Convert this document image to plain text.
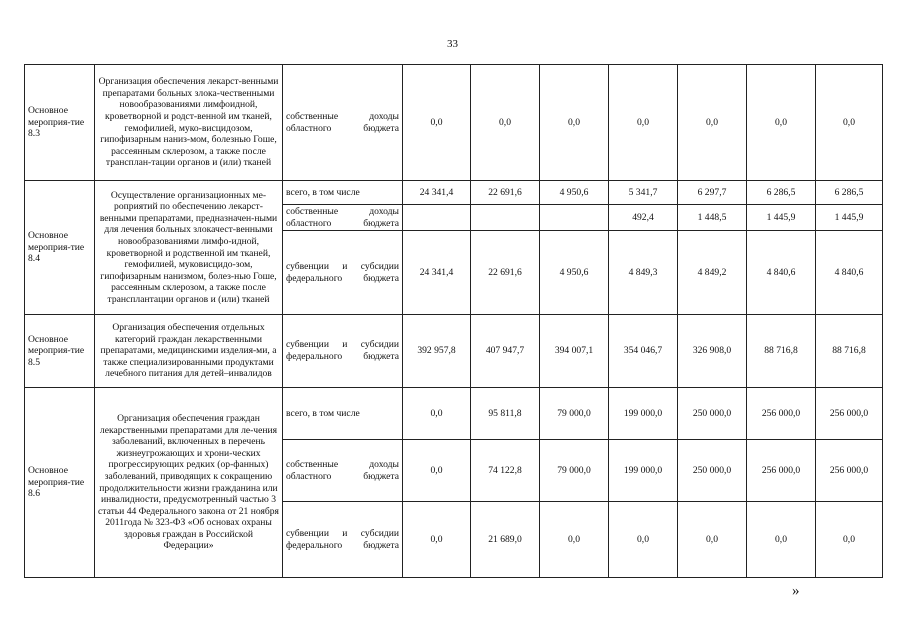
33
Основное мероприя-тие 8.3	Организация обеспечения лекарст-венными препаратами больных злока-чественными новообразованиями лимфоидной, кроветворной и родст-венной им тканей, гемофилией, муко-висцидозом, гипофизарным наниз-мом, болезнью Гоше, рассеянным склерозом, а также после трансплан-тации органов и (или) тканей	собственные доходы областного бюджета	0,0	0,0	0,0	0,0	0,0	0,0	0,0
Основное мероприя-тие 8.4	Осуществление организационных ме-роприятий по обеспечению лекарст-венными препаратами, предназначен-ными для лечения больных злокачест-венными новообразованиями лимфо-идной, кроветворной и родственной им тканей, гемофилией, муковисцидо-зом, гипофизарным нанизмом, болез-нью Гоше, рассеянным склерозом, а также после трансплантации органов и (или) тканей	всего, в том числе	24 341,4	22 691,6	4 950,6	5 341,7	6 297,7	6 286,5	6 286,5
		собственные доходы областного бюджета				492,4	1 448,5	1 445,9	1 445,9
		субвенции и субсидии федерального бюджета	24 341,4	22 691,6	4 950,6	4 849,3	4 849,2	4 840,6	4 840,6
Основное мероприя-тие 8.5	Организация обеспечения отдельных категорий граждан лекарственными препаратами, медицинскими изделия-ми, а также специализированными продуктами лечебного питания для детей–инвалидов	субвенции и субсидии федерального бюджета	392 957,8	407 947,7	394 007,1	354 046,7	326 908,0	88 716,8	88 716,8
Основное мероприя-тие 8.6	Организация обеспечения граждан лекарственными препаратами для ле-чения заболеваний, включенных в перечень жизнеугрожающих и хрони-ческих прогрессирующих редких (ор-фанных) заболеваний, приводящих к сокращению продолжительности жизни гражданина или инвалидности, предусмотренный частью 3 статьи 44 Федерального закона от 21 ноября 2011года № 323-ФЗ «Об основах охраны здоровья граждан в Российской Федерации»	всего, в том числе	0,0	95 811,8	79 000,0	199 000,0	250 000,0	256 000,0	256 000,0
		собственные доходы областного бюджета	0,0	74 122,8	79 000,0	199 000,0	250 000,0	256 000,0	256 000,0
		субвенции и субсидии федерального бюджета	0,0	21 689,0	0,0	0,0	0,0	0,0	0,0
»
